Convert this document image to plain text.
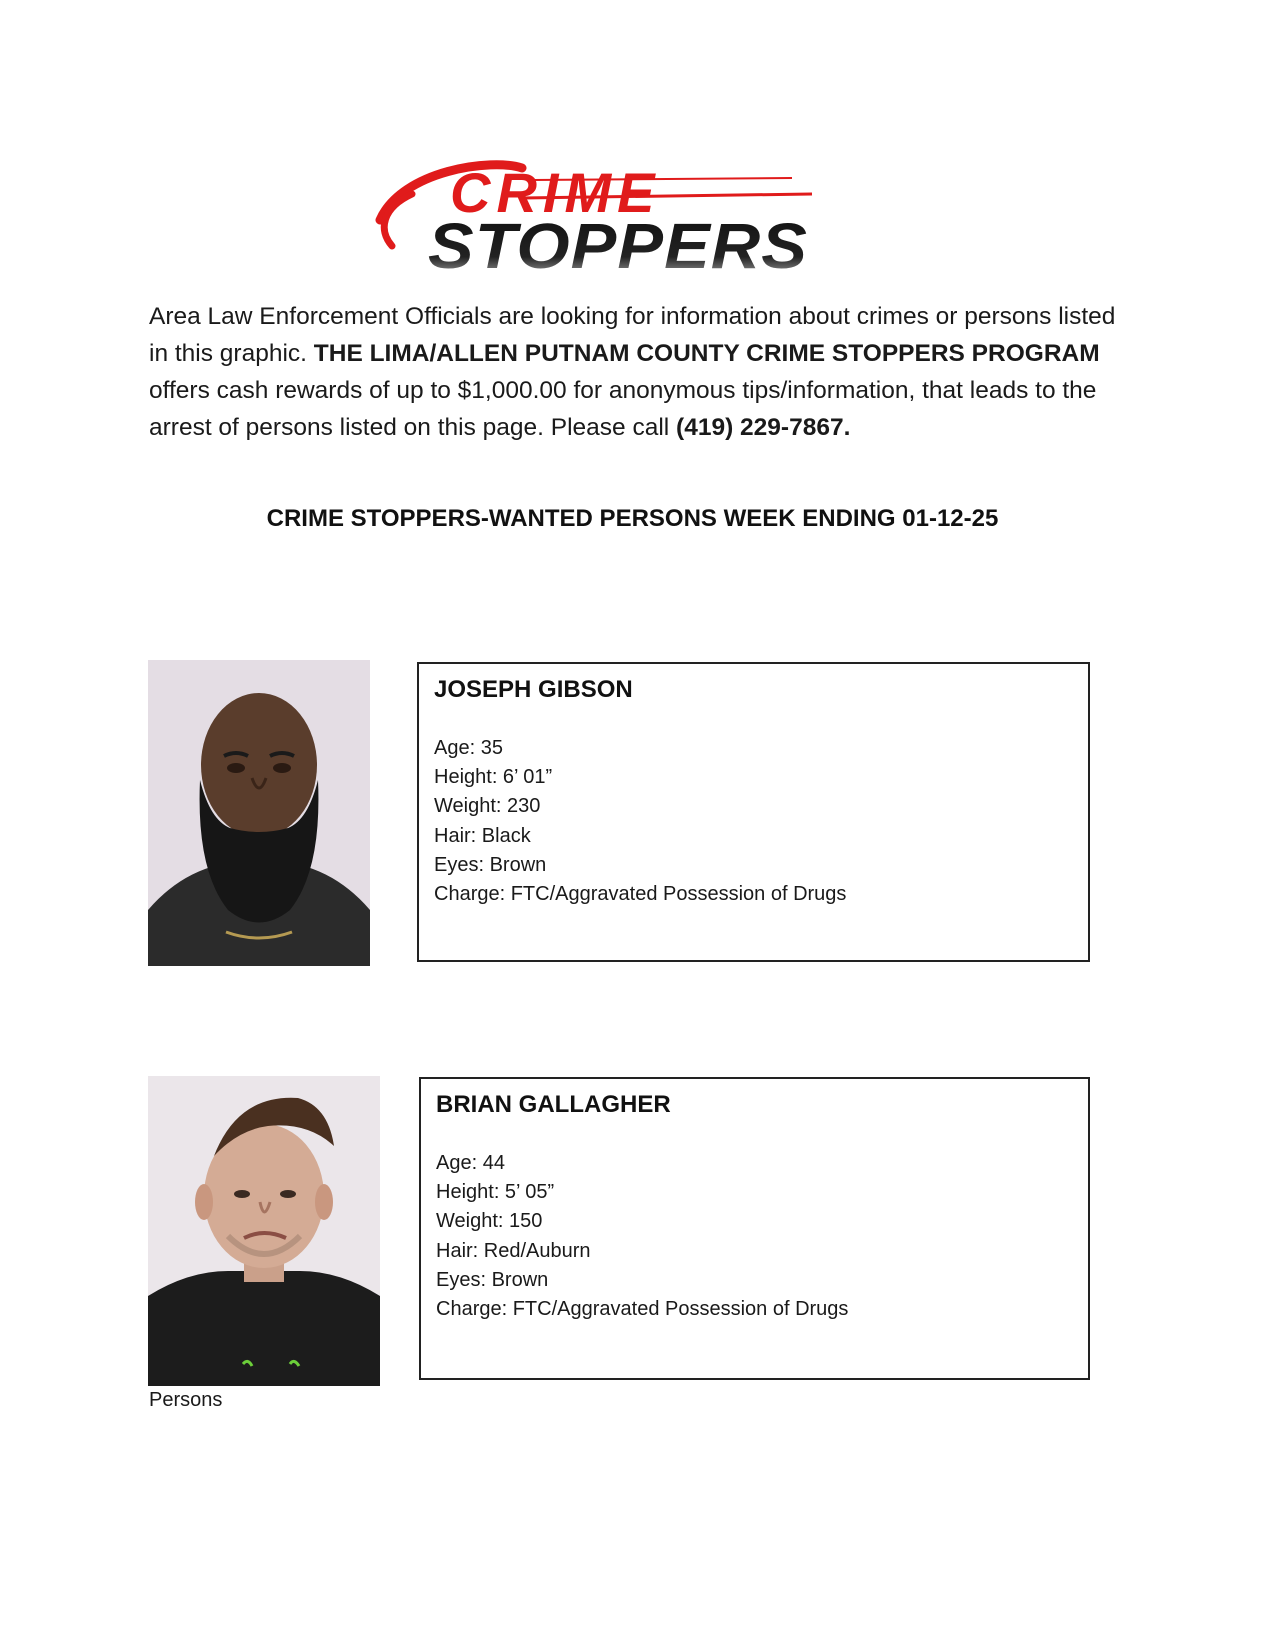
CRIME
STOPPERS
Area Law Enforcement Officials are looking for information about crimes or persons listed in this graphic. THE LIMA/ALLEN PUTNAM COUNTY CRIME STOPPERS PROGRAM offers cash rewards of up to $1,000.00 for anonymous tips/information, that leads to the arrest of persons listed on this page. Please call (419) 229-7867.
CRIME STOPPERS-WANTED PERSONS WEEK ENDING 01-12-25
JOSEPH GIBSON
Age: 35
Height: 6’ 01”
Weight: 230
Hair: Black
Eyes: Brown
Charge: FTC/Aggravated Possession of Drugs
BRIAN GALLAGHER
Age: 44
Height: 5’ 05”
Weight: 150
Hair: Red/Auburn
Eyes: Brown
Charge: FTC/Aggravated Possession of Drugs
Persons
